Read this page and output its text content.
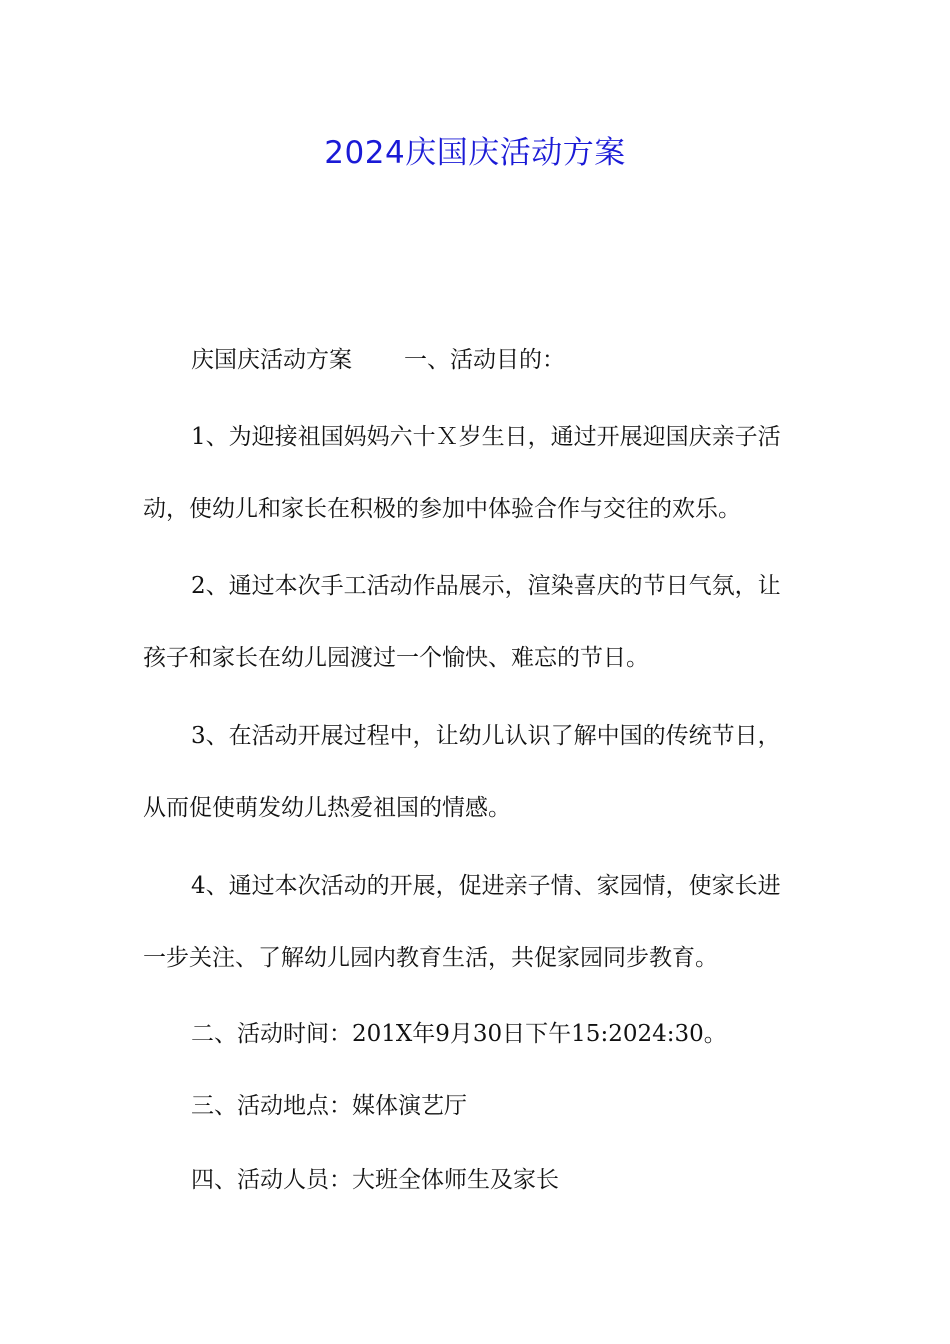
2024庆国庆活动方案
庆国庆活动方案 一、活动目的：
1、为迎接祖国妈妈六十Ｘ岁生日，通过开展迎国庆亲子活
动，使幼儿和家长在积极的参加中体验合作与交往的欢乐。
2、通过本次手工活动作品展示，渲染喜庆的节日气氛，让
孩子和家长在幼儿园渡过一个愉快、难忘的节日。
3、在活动开展过程中，让幼儿认识了解中国的传统节日，
从而促使萌发幼儿热爱祖国的情感。
4、通过本次活动的开展，促进亲子情、家园情，使家长进
一步关注、了解幼儿园内教育生活，共促家园同步教育。
二、活动时间：201X年9月30日下午15:2024:30。
三、活动地点：媒体演艺厅
四、活动人员：大班全体师生及家长
